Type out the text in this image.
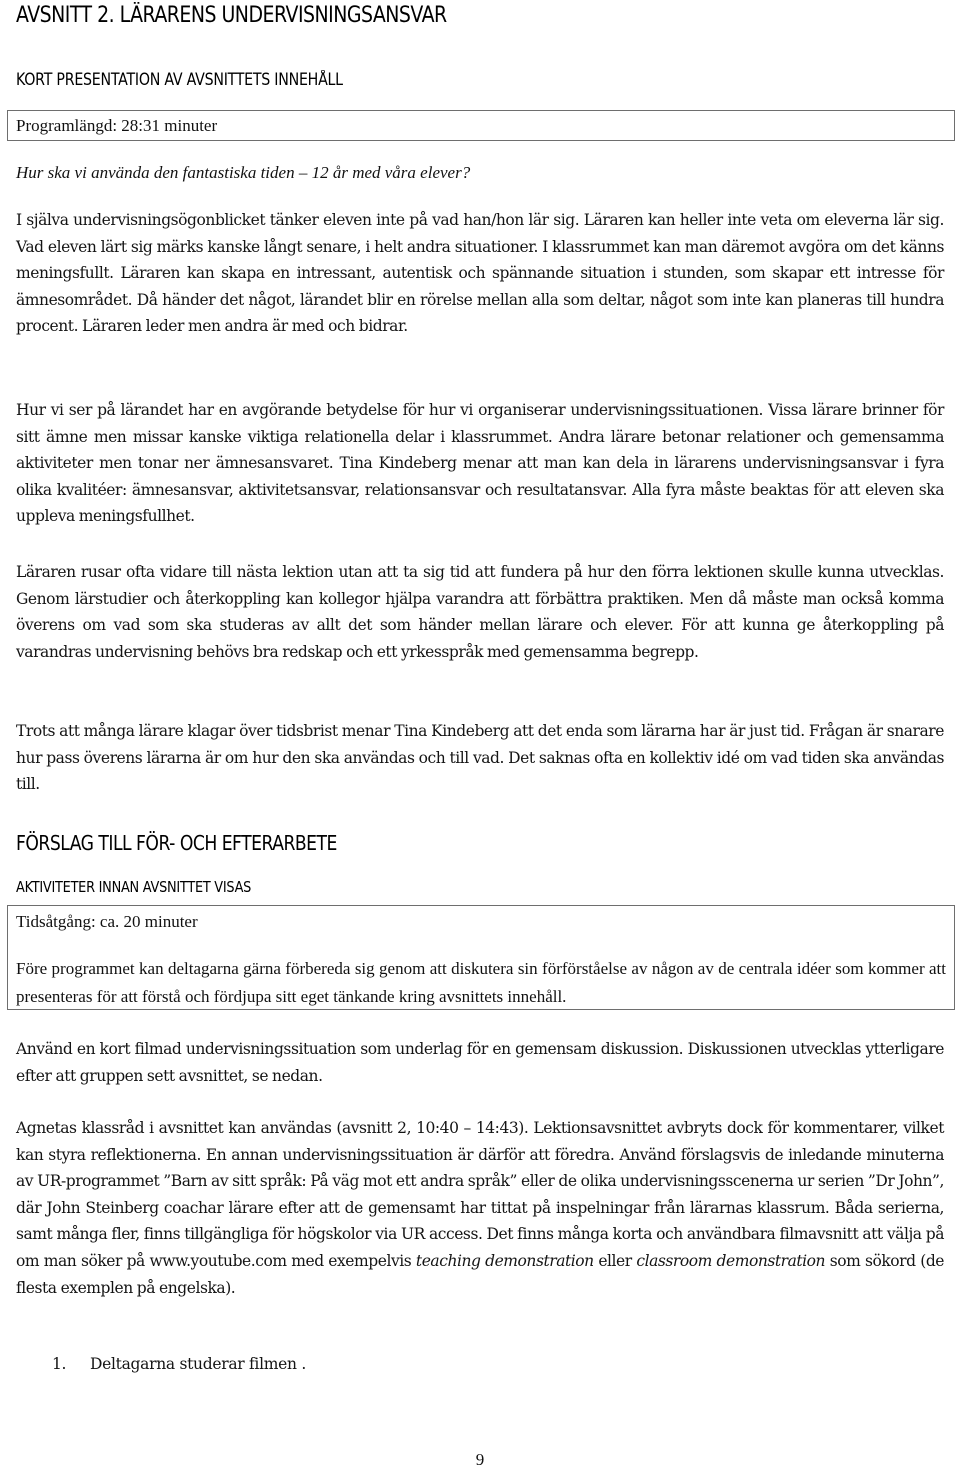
AVSNITT 2. LÄRARENS UNDERVISNINGSANSVAR
KORT PRESENTATION AV AVSNITTETS INNEHÅLL

Programlängd: 28:31 minuter

Hur ska vi använda den fantastiska tiden – 12 år med våra elever?

I själva undervisningsögonblicket tänker eleven inte på vad han/hon lär sig. Läraren kan heller inte veta om eleverna lär sig. Vad eleven lärt sig märks kanske långt senare, i helt andra situationer. I klassrummet kan man däremot avgöra om det känns meningsfullt. Läraren kan skapa en intressant, autentisk och spännande situation i stunden, som skapar ett intresse för ämnesområdet. Då händer det något, lärandet blir en rörelse mellan alla som deltar, något som inte kan planeras till hundra procent. Läraren leder men andra är med och bidrar.

Hur vi ser på lärandet har en avgörande betydelse för hur vi organiserar undervisningssituationen. Vissa lärare brinner för sitt ämne men missar kanske viktiga relationella delar i klassrummet. Andra lärare betonar relationer och gemensamma aktiviteter men tonar ner ämnesansvaret. Tina Kindeberg menar att man kan dela in lärarens undervisningsansvar i fyra olika kvalitéer: ämnesansvar, aktivitetsansvar, relationsansvar och resultatansvar. Alla fyra måste beaktas för att eleven ska uppleva meningsfullhet.

Läraren rusar ofta vidare till nästa lektion utan att ta sig tid att fundera på hur den förra lektionen skulle kunna utvecklas. Genom lärstudier och återkoppling kan kollegor hjälpa varandra att förbättra praktiken. Men då måste man också komma överens om vad som ska studeras av allt det som händer mellan lärare och elever. För att kunna ge återkoppling på varandras undervisning behövs bra redskap och ett yrkesspråk med gemensamma begrepp.

Trots att många lärare klagar över tidsbrist menar Tina Kindeberg att det enda som lärarna har är just tid. Frågan är snarare hur pass överens lärarna är om hur den ska användas och till vad. Det saknas ofta en kollektiv idé om vad tiden ska användas till.

FÖRSLAG TILL FÖR- OCH EFTERARBETE
AKTIVITETER INNAN AVSNITTET VISAS

Tidsåtgång: ca. 20 minuter

Före programmet kan deltagarna gärna förbereda sig genom att diskutera sin förförståelse av någon av de centrala idéer som kommer att presenteras för att förstå och fördjupa sitt eget tänkande kring avsnittets innehåll.

Använd en kort filmad undervisningssituation som underlag för en gemensam diskussion. Diskussionen utvecklas ytterligare efter att gruppen sett avsnittet, se nedan.

Agnetas klassråd i avsnittet kan användas (avsnitt 2, 10:40 – 14:43). Lektionsavsnittet avbryts dock för kommentarer, vilket kan styra reflektionerna. En annan undervisningssituation är därför att föredra. Använd förslagsvis de inledande minuterna av UR-programmet ”Barn av sitt språk: På väg mot ett andra språk” eller de olika undervisningsscenerna ur serien ”Dr John”, där John Steinberg coachar lärare efter att de gemensamt har tittat på inspelningar från lärarnas klassrum. Båda serierna, samt många fler, finns tillgängliga för högskolor via UR access. Det finns många korta och användbara filmavsnitt att välja på om man söker på www.youtube.com med exempelvis teaching demonstration eller classroom demonstration som sökord (de flesta exemplen på engelska).

1. Deltagarna studerar filmen .

9
